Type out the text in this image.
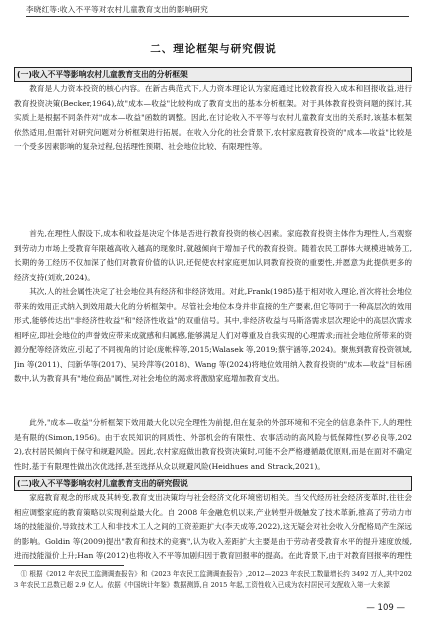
李晓红等:收入不平等对农村儿童教育支出的影响研究
二、理论框架与研究假说
(一)收入不平等影响农村儿童教育支出的分析框架

教育是人力资本投资的核心内容。在新古典范式下,人力资本理论认为家庭通过比较教育投入成本和回报收益,进行教育投资决策(Becker,1964),故"成本—收益"比较构成了教育支出的基本分析框架。对于具体教育投资问题的探讨,其实质上是根据不同条件对"成本—收益"函数的调整。因此,在讨论收入不平等与农村儿童教育支出的关系时,该基本框架依然适用,但需针对研究问题对分析框架进行拓展。在收入分化的社会背景下,农村家庭教育投资的"成本—收益"比较是一个受多因素影响的复杂过程,包括理性预期、社会地位比较、有限理性等。

首先,在理性人假设下,成本和收益是决定个体是否进行教育投资的核心因素。家庭教育投资主体作为理性人,当观察到劳动力市场上受教育年限越高收入越高的现象时,就越倾向于增加子代的教育投资。随着农民工群体大规模进城务工,长期的务工经历不仅加深了他们对教育价值的认识,还促使农村家庭更加认同教育投资的重要性,并愿意为此提供更多的经济支持(刘欢,2024)。

其次,人的社会属性决定了社会地位具有经济和非经济效用。对此,Frank(1985)基于相对收入理论,首次将社会地位带来的效用正式纳入到效用最大化的分析框架中。尽管社会地位本身并非直接的生产要素,但它等同于一种高层次的效用形式,能够传达出"非经济性收益"和"经济性收益"的双重信号。其中,非经济收益与马斯洛需求层次理论中的高层次需求相呼应,即社会地位的声誉效应带来成就感和归属感,能够满足人们对尊重及自我实现的心理需求;而社会地位所带来的资源分配等经济效应,引起了不同视角的讨论(庞帐梓等,2015;Walasek 等,2019;蔡宇涵等,2024)。聚焦到教育投资领域,Jin 等(2011)、闫新华等(2017)、吴玲萍等(2018)、Wang 等(2024)将地位效用纳入教育投资的"成本—收益"目标函数中,认为教育具有"地位商品"属性,对社会地位的渴求将激励家庭增加教育支出。

此外,"成本—收益"分析框架下效用最大化以完全理性为前提,但在复杂的外部环境和不完全的信息条件下,人的理性是有限的(Simon,1956)。由于农民知识的同质性、外部机会的有限性、农事活动的高风险与低保障性(罗必良等,2022),农村居民倾向于保守和规避风险。因此,农村家庭做出教育投资决策时,可能不会严格遵循最优原则,而是在面对不确定性时,基于有限理性做出次优选择,甚至选择从众以规避风险(Heidhues and Strack,2021)。

(二)收入不平等影响农村儿童教育支出的研究假说

家庭教育观念的形成及其转变,教育支出决策均与社会经济文化环境密切相关。当父代经历社会经济变革时,往往会相应调整家庭的教育策略以实现利益最大化。自 2008 年金融危机以来,产业转型升级触发了技术革新,推高了劳动力市场的技能溢价,导致技术工人和非技术工人之间的工资差距扩大(李天成等,2022),这无疑会对社会收入分配格局产生深远的影响。Goldin 等(2009)提出"教育和技术的竞赛",认为收入差距扩大主要是由于劳动者受教育水平的提升速度放缓,进而技能溢价上升;Han 等(2012)也将收入不平等加剧归因于教育回报率的提高。在此背景下,由于对教育回报率的理性

① 根据《2012 年农民工监测调查报告》和《2023 年农民工监测调查报告》,2012—2023 年农民工数量增长约 3492 万人,其中2023 年农民工总数已超 2.9 亿人。依据《中国统计年鉴》数据测算,自 2015 年起,工资性收入已成为农村居民可支配收入第一大来源

— 109 —
